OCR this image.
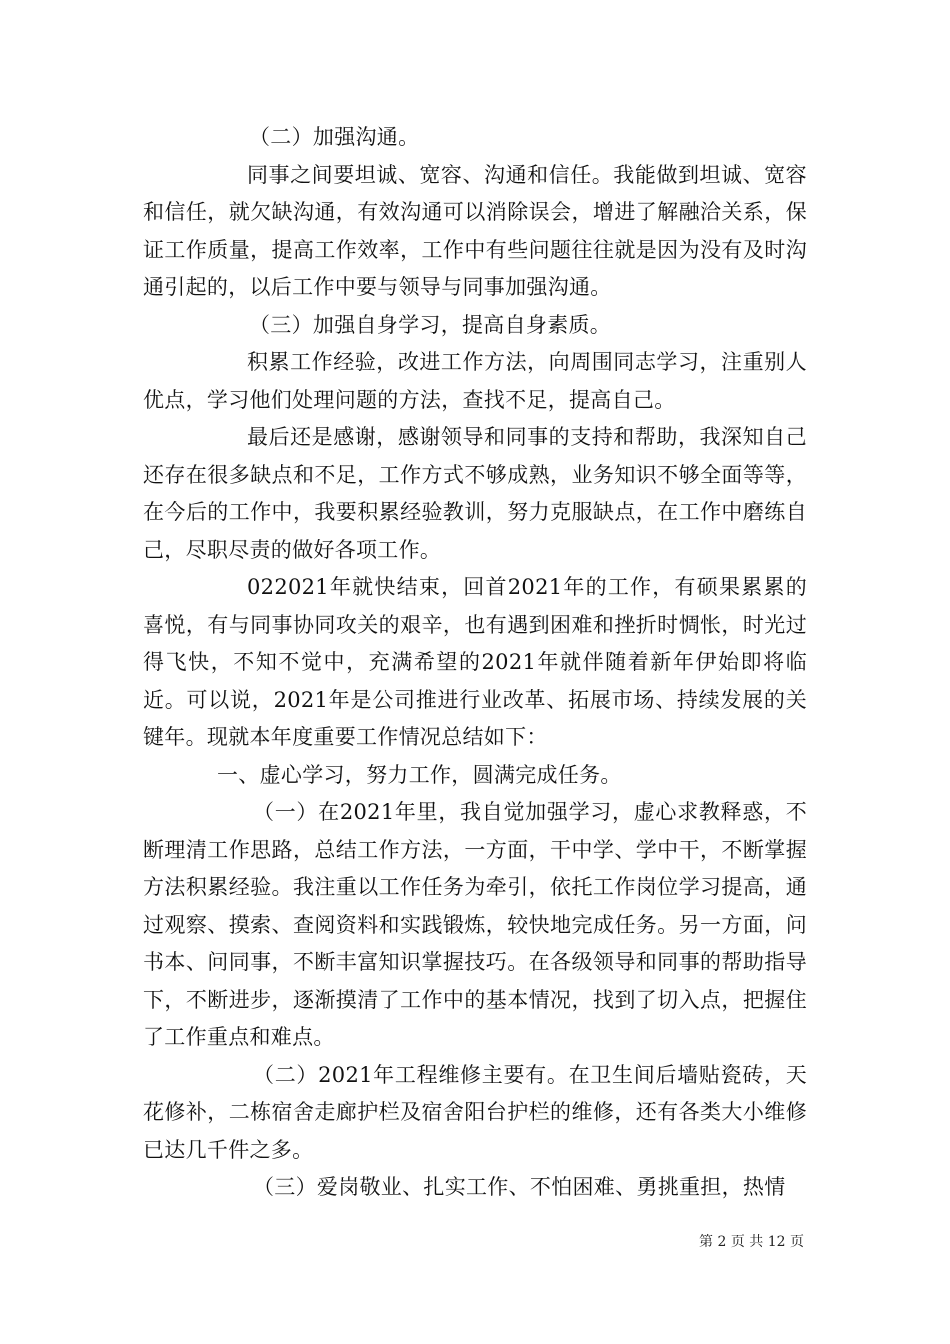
（二）加强沟通。

同事之间要坦诚、宽容、沟通和信任。我能做到坦诚、宽容和信任，就欠缺沟通，有效沟通可以消除误会，增进了解融洽关系，保证工作质量，提高工作效率，工作中有些问题往往就是因为没有及时沟通引起的，以后工作中要与领导与同事加强沟通。

（三）加强自身学习，提高自身素质。

积累工作经验，改进工作方法，向周围同志学习，注重别人优点，学习他们处理问题的方法，查找不足，提高自己。

最后还是感谢，感谢领导和同事的支持和帮助，我深知自己还存在很多缺点和不足，工作方式不够成熟，业务知识不够全面等等，在今后的工作中，我要积累经验教训，努力克服缺点，在工作中磨练自己，尽职尽责的做好各项工作。

022021年就快结束，回首2021年的工作，有硕果累累的喜悦，有与同事协同攻关的艰辛，也有遇到困难和挫折时惆怅，时光过得飞快，不知不觉中，充满希望的2021年就伴随着新年伊始即将临近。可以说，2021年是公司推进行业改革、拓展市场、持续发展的关键年。现就本年度重要工作情况总结如下：

一、虚心学习，努力工作，圆满完成任务。

（一）在2021年里，我自觉加强学习，虚心求教释惑，不断理清工作思路，总结工作方法，一方面，干中学、学中干，不断掌握方法积累经验。我注重以工作任务为牵引，依托工作岗位学习提高，通过观察、摸索、查阅资料和实践锻炼，较快地完成任务。另一方面，问书本、问同事，不断丰富知识掌握技巧。在各级领导和同事的帮助指导下，不断进步，逐渐摸清了工作中的基本情况，找到了切入点，把握住了工作重点和难点。

（二）2021年工程维修主要有。在卫生间后墙贴瓷砖，天花修补，二栋宿舍走廊护栏及宿舍阳台护栏的维修，还有各类大小维修已达几千件之多。

（三）爱岗敬业、扎实工作、不怕困难、勇挑重担，热情

第 2 页 共 12 页
